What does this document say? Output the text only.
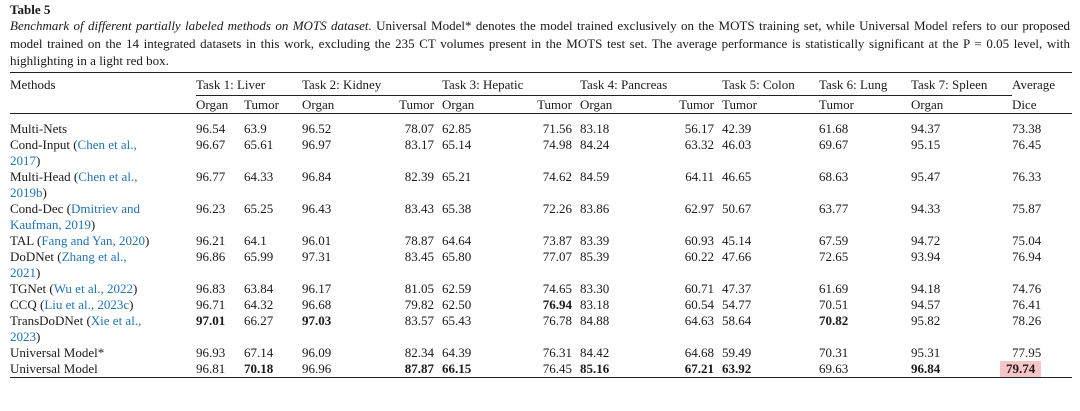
Table 5
Benchmark of different partially labeled methods on MOTS dataset. Universal Model* denotes the model trained exclusively on the MOTS training set, while Universal Model refers to our proposed model trained on the 14 integrated datasets in this work, excluding the 235 CT volumes present in the MOTS test set. The average performance is statistically significant at the P = 0.05 level, with highlighting in a light red box.
Methods	Task 1: Liver		Task 2: Kidney		Task 3: Hepatic		Task 4: Pancreas		Task 5: Colon	Task 6: Lung	Task 7: Spleen	Average
	Organ	Tumor	Organ	Tumor	Organ	Tumor	Organ	Tumor	Tumor	Tumor	Organ	Dice
Multi-Nets	96.54	63.9	96.52	78.07	62.85	71.56	83.18	56.17	42.39	61.68	94.37	73.38
Cond-Input (Chen et al.,
2017)	96.67	65.61	96.97	83.17	65.14	74.98	84.24	63.32	46.03	69.67	95.15	76.45
Multi-Head (Chen et al.,
2019b)	96.77	64.33	96.84	82.39	65.21	74.62	84.59	64.11	46.65	68.63	95.47	76.33
Cond-Dec (Dmitriev and
Kaufman, 2019)	96.23	65.25	96.43	83.43	65.38	72.26	83.86	62.97	50.67	63.77	94.33	75.87
TAL (Fang and Yan, 2020)	96.21	64.1	96.01	78.87	64.64	73.87	83.39	60.93	45.14	67.59	94.72	75.04
DoDNet (Zhang et al.,
2021)	96.86	65.99	97.31	83.45	65.80	77.07	85.39	60.22	47.66	72.65	93.94	76.94
TGNet (Wu et al., 2022)	96.83	63.84	96.17	81.05	62.59	74.65	83.30	60.71	47.37	61.69	94.18	74.76
CCQ (Liu et al., 2023c)	96.71	64.32	96.68	79.82	62.50	76.94	83.18	60.54	54.77	70.51	94.57	76.41
TransDoDNet (Xie et al.,
2023)	97.01	66.27	97.03	83.57	65.43	76.78	84.88	64.63	58.64	70.82	95.82	78.26
Universal Model*	96.93	67.14	96.09	82.34	64.39	76.31	84.42	64.68	59.49	70.31	95.31	77.95
Universal Model	96.81	70.18	96.96	87.87	66.15	76.45	85.16	67.21	63.92	69.63	96.84	79.74
